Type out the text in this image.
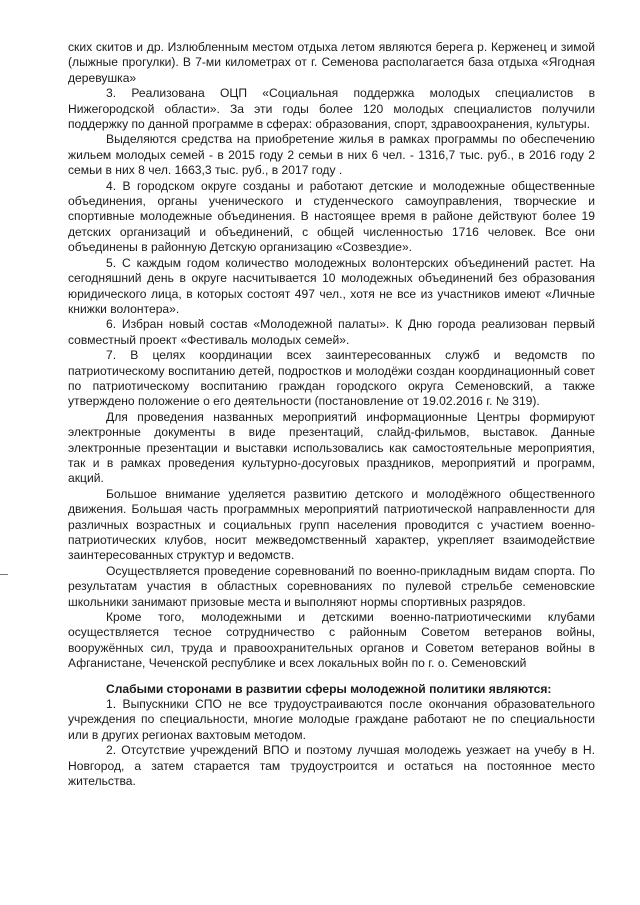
ских скитов и др. Излюбленным местом отдыха летом являются берега р. Керженец и зимой (лыжные прогулки). В 7-ми километрах от г. Семенова располагается база отдыха «Ягодная деревушка»

3. Реализована ОЦП «Социальная поддержка молодых специалистов в Нижегородской области». За эти годы более 120 молодых специалистов получили поддержку по данной программе в сферах: образования, спорт, здравоохранения, культуры.

Выделяются средства на приобретение жилья в рамках программы по обеспечению жильем молодых семей - в 2015 году 2 семьи в них 6 чел. - 1316,7 тыс. руб., в 2016 году 2 семьи в них 8 чел. 1663,3 тыс. руб., в 2017 году .

4. В городском округе созданы и работают детские и молодежные общественные объединения, органы ученического и студенческого самоуправления, творческие и спортивные молодежные объединения. В настоящее время в районе действуют более 19 детских организаций и объединений, с общей численностью 1716 человек. Все они объединены в районную Детскую организацию «Созвездие».

5. С каждым годом количество молодежных волонтерских объединений растет. На сегодняшний день в округе насчитывается 10 молодежных объединений без образования юридического лица, в которых состоят 497 чел., хотя не все из участников имеют «Личные книжки волонтера».

6. Избран новый состав «Молодежной палаты». К Дню города реализован первый совместный проект «Фестиваль молодых семей».

7. В целях координации всех заинтересованных служб и ведомств по патриотическому воспитанию детей, подростков и молодёжи создан координационный совет по патриотическому воспитанию граждан городского округа Семеновский, а также утверждено положение о его деятельности (постановление от 19.02.2016 г. № 319).

Для проведения названных мероприятий информационные Центры формируют электронные документы в виде презентаций, слайд-фильмов, выставок. Данные электронные презентации и выставки использовались как самостоятельные мероприятия, так и в рамках проведения культурно-досуговых праздников, мероприятий и программ, акций.

Большое внимание уделяется развитию детского и молодёжного общественного движения. Большая часть программных мероприятий патриотической направленности для различных возрастных и социальных групп населения проводится с участием военно-патриотических клубов, носит межведомственный характер, укрепляет взаимодействие заинтересованных структур и ведомств.

Осуществляется проведение соревнований по военно-прикладным видам спорта. По результатам участия в областных соревнованиях по пулевой стрельбе семеновские школьники занимают призовые места и выполняют нормы спортивных разрядов.

Кроме того, молодежными и детскими военно-патриотическими клубами осуществляется тесное сотрудничество с районным Советом ветеранов войны, вооружённых сил, труда и правоохранительных органов и Советом ветеранов войны в Афганистане, Чеченской республике и всех локальных войн по г. о. Семеновский

Слабыми сторонами в развитии сферы молодежной политики являются:

1. Выпускники СПО не все трудоустраиваются после окончания образовательного учреждения по специальности, многие молодые граждане работают не по специальности или в других регионах вахтовым методом.

2. Отсутствие учреждений ВПО и поэтому лучшая молодежь уезжает на учебу в Н. Новгород, а затем старается там трудоустроится и остаться на постоянное место жительства.
